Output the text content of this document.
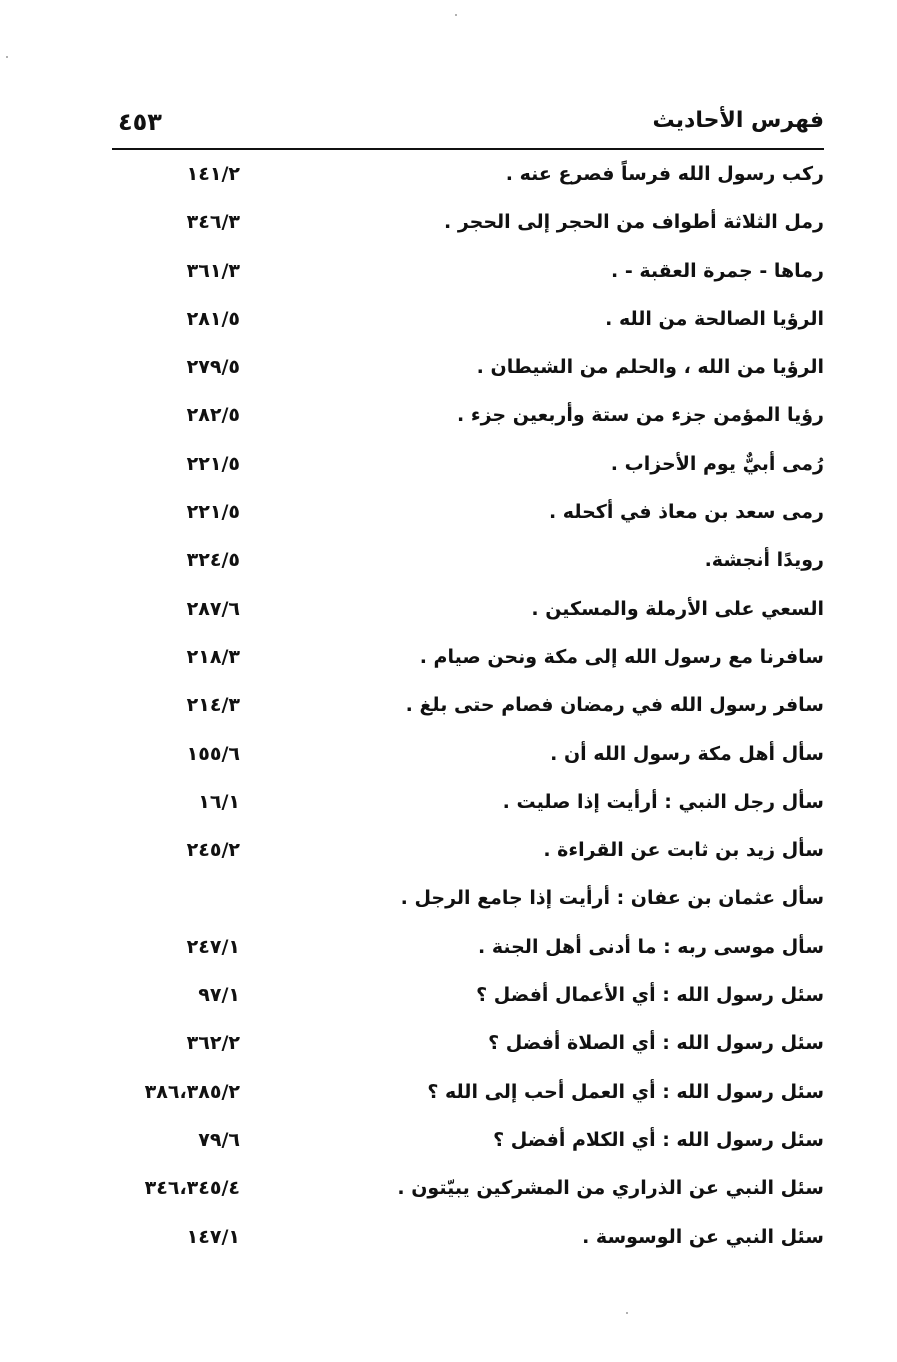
فهرس الأحاديث
٤٥٣
ركب رسول الله فرساً فصرع عنه .
١٤١/٢
رمل الثلاثة أطواف من الحجر إلى الحجر .
٣٤٦/٣
رماها - جمرة العقبة - .
٣٦١/٣
الرؤيا الصالحة من الله .
٢٨١/٥
الرؤيا من الله ، والحلم من الشيطان .
٢٧٩/٥
رؤيا المؤمن جزء من ستة وأربعين جزء .
٢٨٢/٥
رُمى أبيٌّ يوم الأحزاب .
٢٢١/٥
رمى سعد بن معاذ في أكحله .
٢٢١/٥
رويدًا أنجشة.
٣٢٤/٥
السعي على الأرملة والمسكين .
٢٨٧/٦
سافرنا مع رسول الله إلى مكة ونحن صيام .
٢١٨/٣
سافر رسول الله في رمضان فصام حتى بلغ .
٢١٤/٣
سأل أهل مكة رسول الله أن .
١٥٥/٦
سأل رجل النبي : أرأيت إذا صليت .
١٦/١
سأل زيد بن ثابت عن القراءة .
٢٤٥/٢
سأل عثمان بن عفان : أرأيت إذا جامع الرجل .
سأل موسى ربه : ما أدنى أهل الجنة .
٢٤٧/١
سئل رسول الله : أي الأعمال أفضل ؟
٩٧/١
سئل رسول الله : أي الصلاة أفضل ؟
٣٦٢/٢
سئل رسول الله : أي العمل أحب إلى الله ؟
٣٨٦،٣٨٥/٢
سئل رسول الله : أي الكلام أفضل ؟
٧٩/٦
سئل النبي عن الذراري من المشركين يبيّتون .
٣٤٦،٣٤٥/٤
سئل النبي عن الوسوسة .
١٤٧/١
